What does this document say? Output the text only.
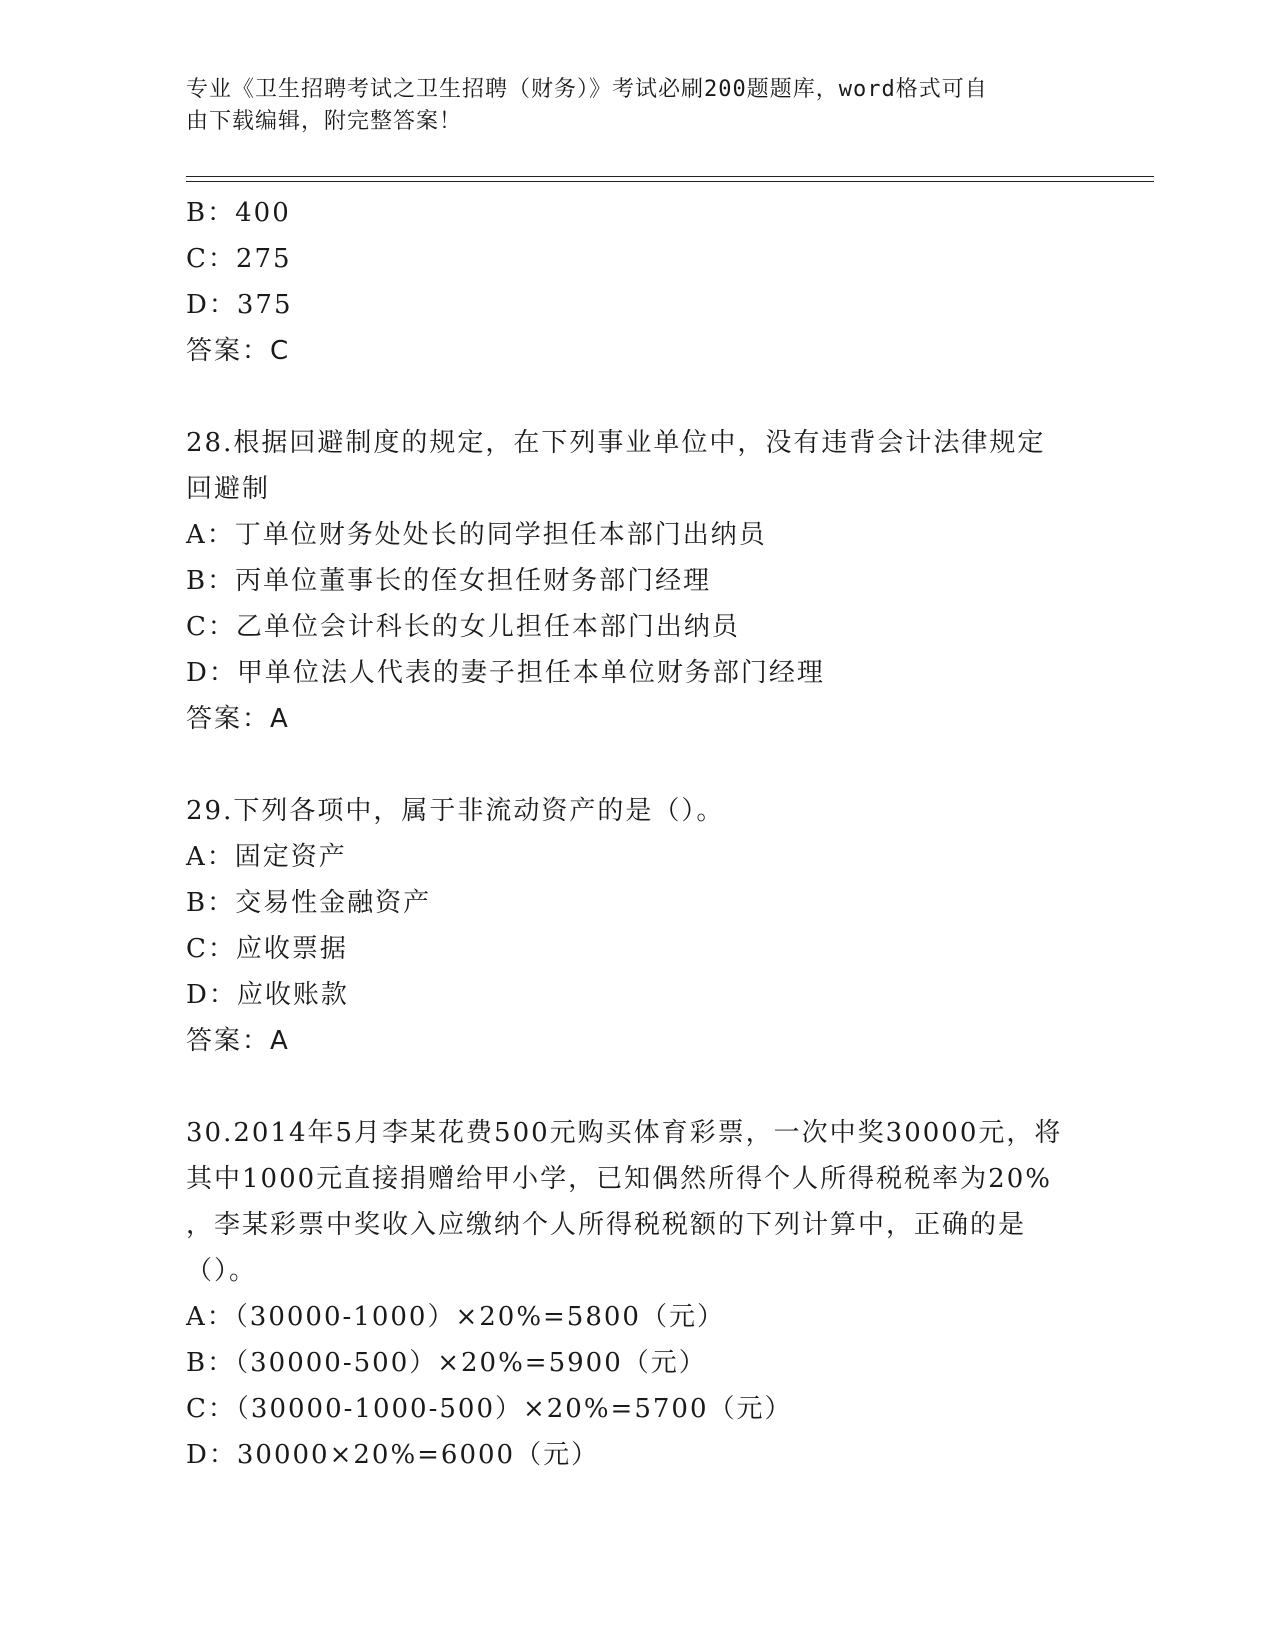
专业《卫生招聘考试之卫生招聘（财务）》考试必刷200题题库，word格式可自
由下载编辑，附完整答案！
B：400
C：275
D：375
答案：C
28.根据回避制度的规定，在下列事业单位中，没有违背会计法律规定
回避制
A：丁单位财务处处长的同学担任本部门出纳员
B：丙单位董事长的侄女担任财务部门经理
C：乙单位会计科长的女儿担任本部门出纳员
D：甲单位法人代表的妻子担任本单位财务部门经理
答案：A
29.下列各项中，属于非流动资产的是（）。
A：固定资产
B：交易性金融资产
C：应收票据
D：应收账款
答案：A
30.2014年5月李某花费500元购买体育彩票，一次中奖30000元，将
其中1000元直接捐赠给甲小学，已知偶然所得个人所得税税率为20%
，李某彩票中奖收入应缴纳个人所得税税额的下列计算中，正确的是
（）。
A：（30000-1000）×20%=5800（元）
B：（30000-500）×20%=5900（元）
C：（30000-1000-500）×20%=5700（元）
D：30000×20%=6000（元）
